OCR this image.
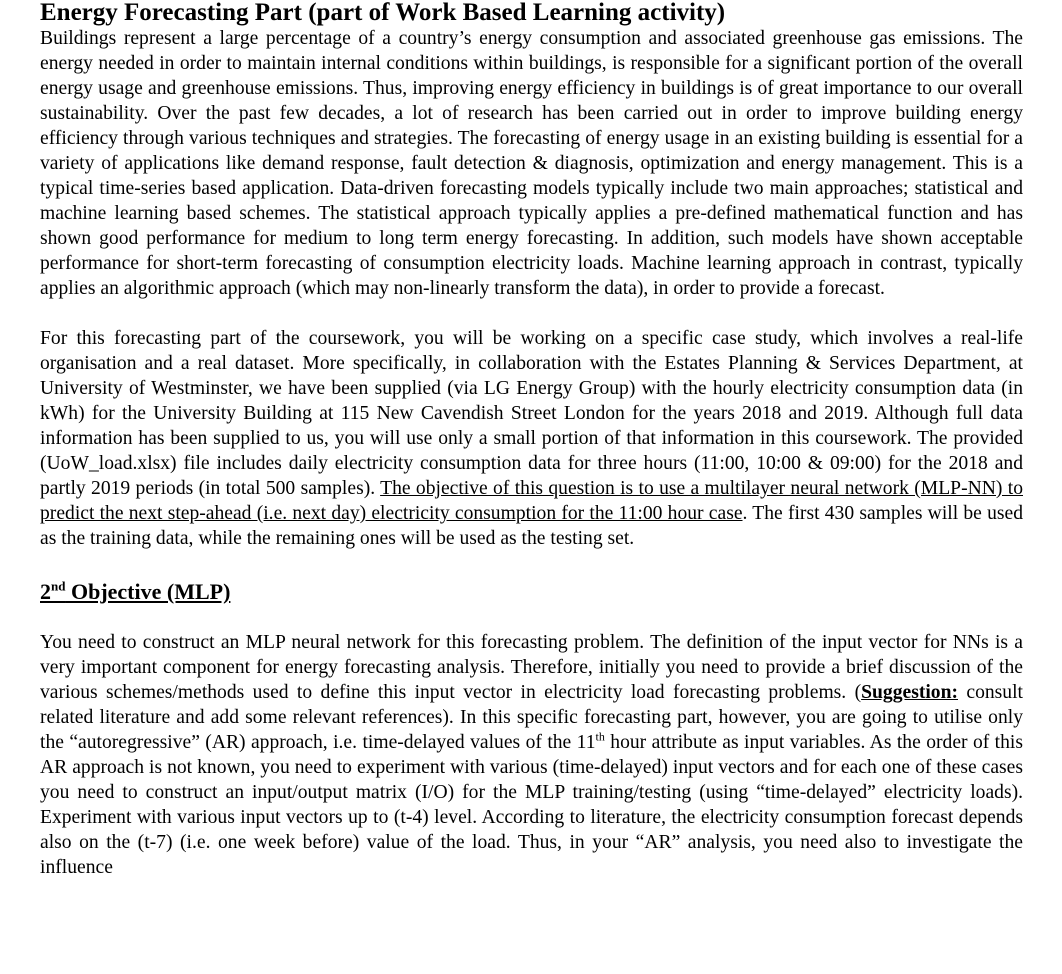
Energy Forecasting Part (part of Work Based Learning activity)

Buildings represent a large percentage of a country’s energy consumption and associated greenhouse gas emissions. The energy needed in order to maintain internal conditions within buildings, is responsible for a significant portion of the overall energy usage and greenhouse emissions. Thus, improving energy efficiency in buildings is of great importance to our overall sustainability. Over the past few decades, a lot of research has been carried out in order to improve building energy efficiency through various techniques and strategies. The forecasting of energy usage in an existing building is essential for a variety of applications like demand response, fault detection & diagnosis, optimization and energy management. This is a typical time-series based application. Data-driven forecasting models typically include two main approaches; statistical and machine learning based schemes. The statistical approach typically applies a pre-defined mathematical function and has shown good performance for medium to long term energy forecasting. In addition, such models have shown acceptable performance for short-term forecasting of consumption electricity loads. Machine learning approach in contrast, typically applies an algorithmic approach (which may non-linearly transform the data), in order to provide a forecast.

For this forecasting part of the coursework, you will be working on a specific case study, which involves a real-life organisation and a real dataset. More specifically, in collaboration with the Estates Planning & Services Department, at University of Westminster, we have been supplied (via LG Energy Group) with the hourly electricity consumption data (in kWh) for the University Building at 115 New Cavendish Street London for the years 2018 and 2019. Although full data information has been supplied to us, you will use only a small portion of that information in this coursework. The provided (UoW_load.xlsx) file includes daily electricity consumption data for three hours (11:00, 10:00 & 09:00) for the 2018 and partly 2019 periods (in total 500 samples). The objective of this question is to use a multilayer neural network (MLP-NN) to predict the next step-ahead (i.e. next day) electricity consumption for the 11:00 hour case. The first 430 samples will be used as the training data, while the remaining ones will be used as the testing set.

2nd Objective (MLP)

You need to construct an MLP neural network for this forecasting problem. The definition of the input vector for NNs is a very important component for energy forecasting analysis. Therefore, initially you need to provide a brief discussion of the various schemes/methods used to define this input vector in electricity load forecasting problems. (Suggestion: consult related literature and add some relevant references). In this specific forecasting part, however, you are going to utilise only the “autoregressive” (AR) approach, i.e. time-delayed values of the 11th hour attribute as input variables. As the order of this AR approach is not known, you need to experiment with various (time-delayed) input vectors and for each one of these cases you need to construct an input/output matrix (I/O) for the MLP training/testing (using “time-delayed” electricity loads). Experiment with various input vectors up to (t-4) level. According to literature, the electricity consumption forecast depends also on the (t-7) (i.e. one week before) value of the load. Thus, in your “AR” analysis, you need also to investigate the influence
